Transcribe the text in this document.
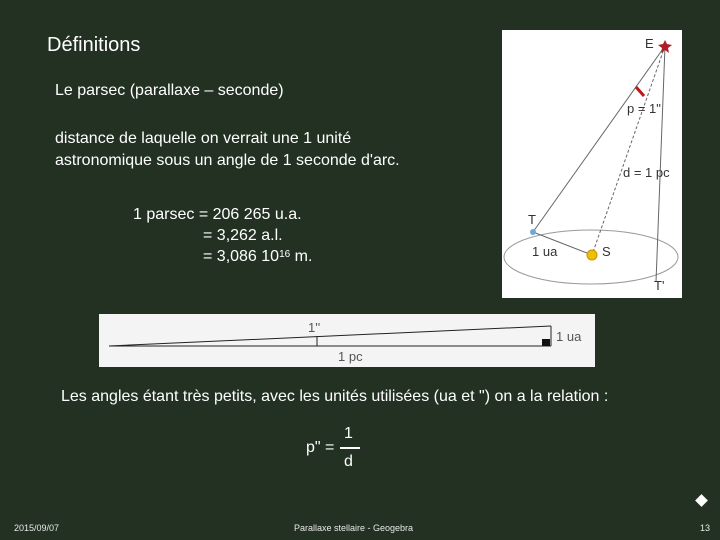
Définitions
Le parsec (parallaxe – seconde)
distance de laquelle on verrait une 1 unité
astronomique sous un angle de 1 seconde d'arc.
1 parsec = 206 265 u.a.
= 3,262 a.l.
= 3,086 $10^{16}$ m.
E
p = 1"
d = 1 pc
T
S
1 ua
T'
1''
1 pc
1 ua
Les angles étant très petits, avec les unités utilisées (ua et ") on a la relation :
p" =
1
d
2015/09/07	Parallaxe stellaire - Geogebra	13
